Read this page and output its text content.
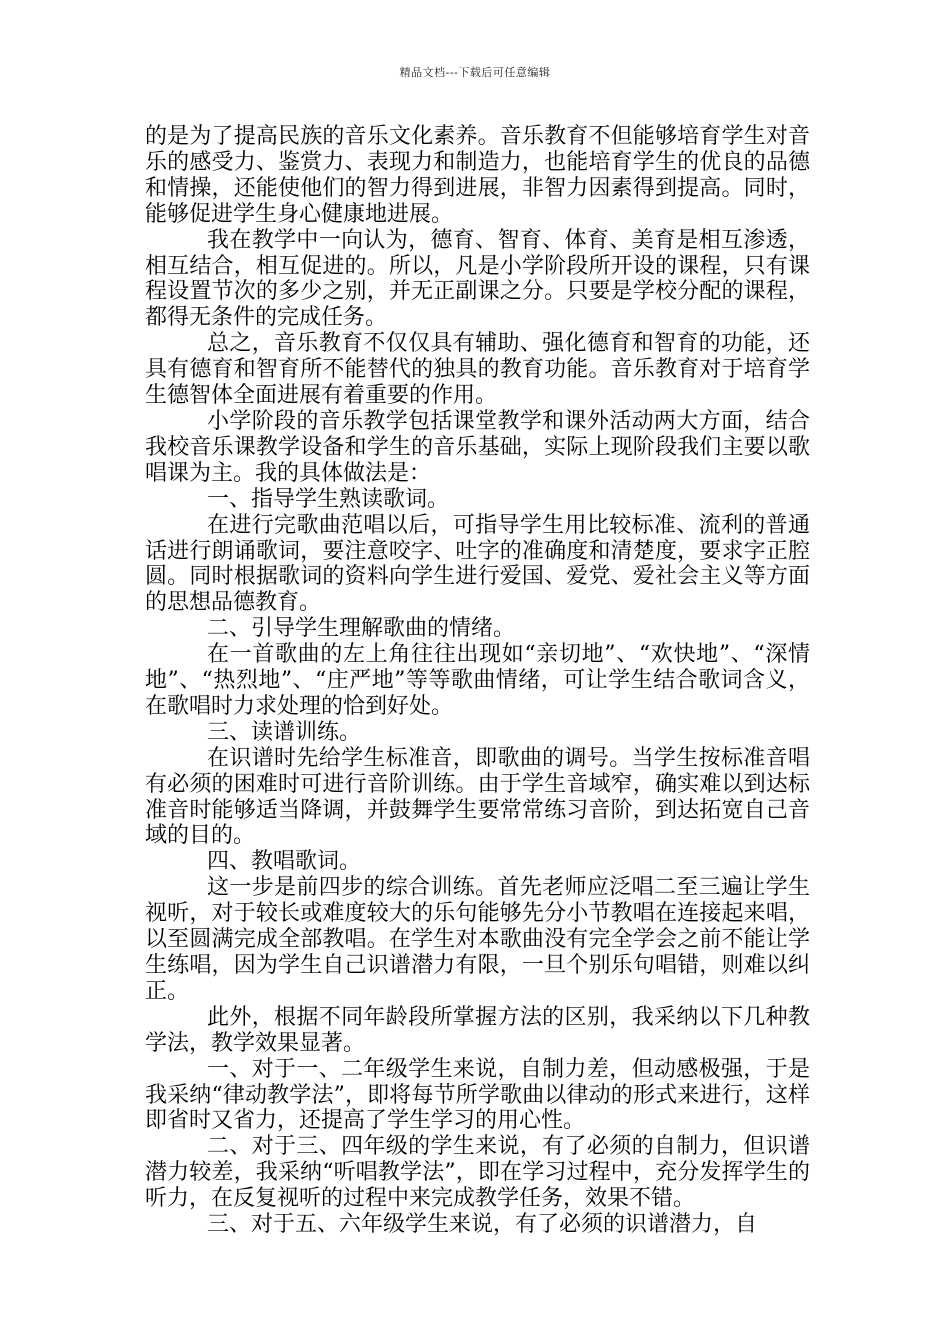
精品文档---下载后可任意编辑

的是为了提高民族的音乐文化素养。音乐教育不但能够培育学生对音乐的感受力、鉴赏力、表现力和制造力，也能培育学生的优良的品德和情操，还能使他们的智力得到进展，非智力因素得到提高。同时，能够促进学生身心健康地进展。

我在教学中一向认为，德育、智育、体育、美育是相互渗透，相互结合，相互促进的。所以，凡是小学阶段所开设的课程，只有课程设置节次的多少之别，并无正副课之分。只要是学校分配的课程，都得无条件的完成任务。

总之，音乐教育不仅仅具有辅助、强化德育和智育的功能，还具有德育和智育所不能替代的独具的教育功能。音乐教育对于培育学生德智体全面进展有着重要的作用。

小学阶段的音乐教学包括课堂教学和课外活动两大方面，结合我校音乐课教学设备和学生的音乐基础，实际上现阶段我们主要以歌唱课为主。我的具体做法是：

一、指导学生熟读歌词。

在进行完歌曲范唱以后，可指导学生用比较标准、流利的普通话进行朗诵歌词，要注意咬字、吐字的准确度和清楚度，要求字正腔圆。同时根据歌词的资料向学生进行爱国、爱党、爱社会主义等方面的思想品德教育。

二、引导学生理解歌曲的情绪。

在一首歌曲的左上角往往出现如“亲切地”、“欢快地”、“深情地”、“热烈地”、“庄严地”等等歌曲情绪，可让学生结合歌词含义，在歌唱时力求处理的恰到好处。

三、读谱训练。

在识谱时先给学生标准音，即歌曲的调号。当学生按标准音唱有必须的困难时可进行音阶训练。由于学生音域窄，确实难以到达标准音时能够适当降调，并鼓舞学生要常常练习音阶，到达拓宽自己音域的目的。

四、教唱歌词。

这一步是前四步的综合训练。首先老师应泛唱二至三遍让学生视听，对于较长或难度较大的乐句能够先分小节教唱在连接起来唱，以至圆满完成全部教唱。在学生对本歌曲没有完全学会之前不能让学生练唱，因为学生自己识谱潜力有限，一旦个别乐句唱错，则难以纠正。

此外，根据不同年龄段所掌握方法的区别，我采纳以下几种教学法，教学效果显著。

一、对于一、二年级学生来说，自制力差，但动感极强，于是我采纳“律动教学法”，即将每节所学歌曲以律动的形式来进行，这样即省时又省力，还提高了学生学习的用心性。

二、对于三、四年级的学生来说，有了必须的自制力，但识谱潜力较差，我采纳“听唱教学法”，即在学习过程中，充分发挥学生的听力，在反复视听的过程中来完成教学任务，效果不错。

三、对于五、六年级学生来说，有了必须的识谱潜力，自
